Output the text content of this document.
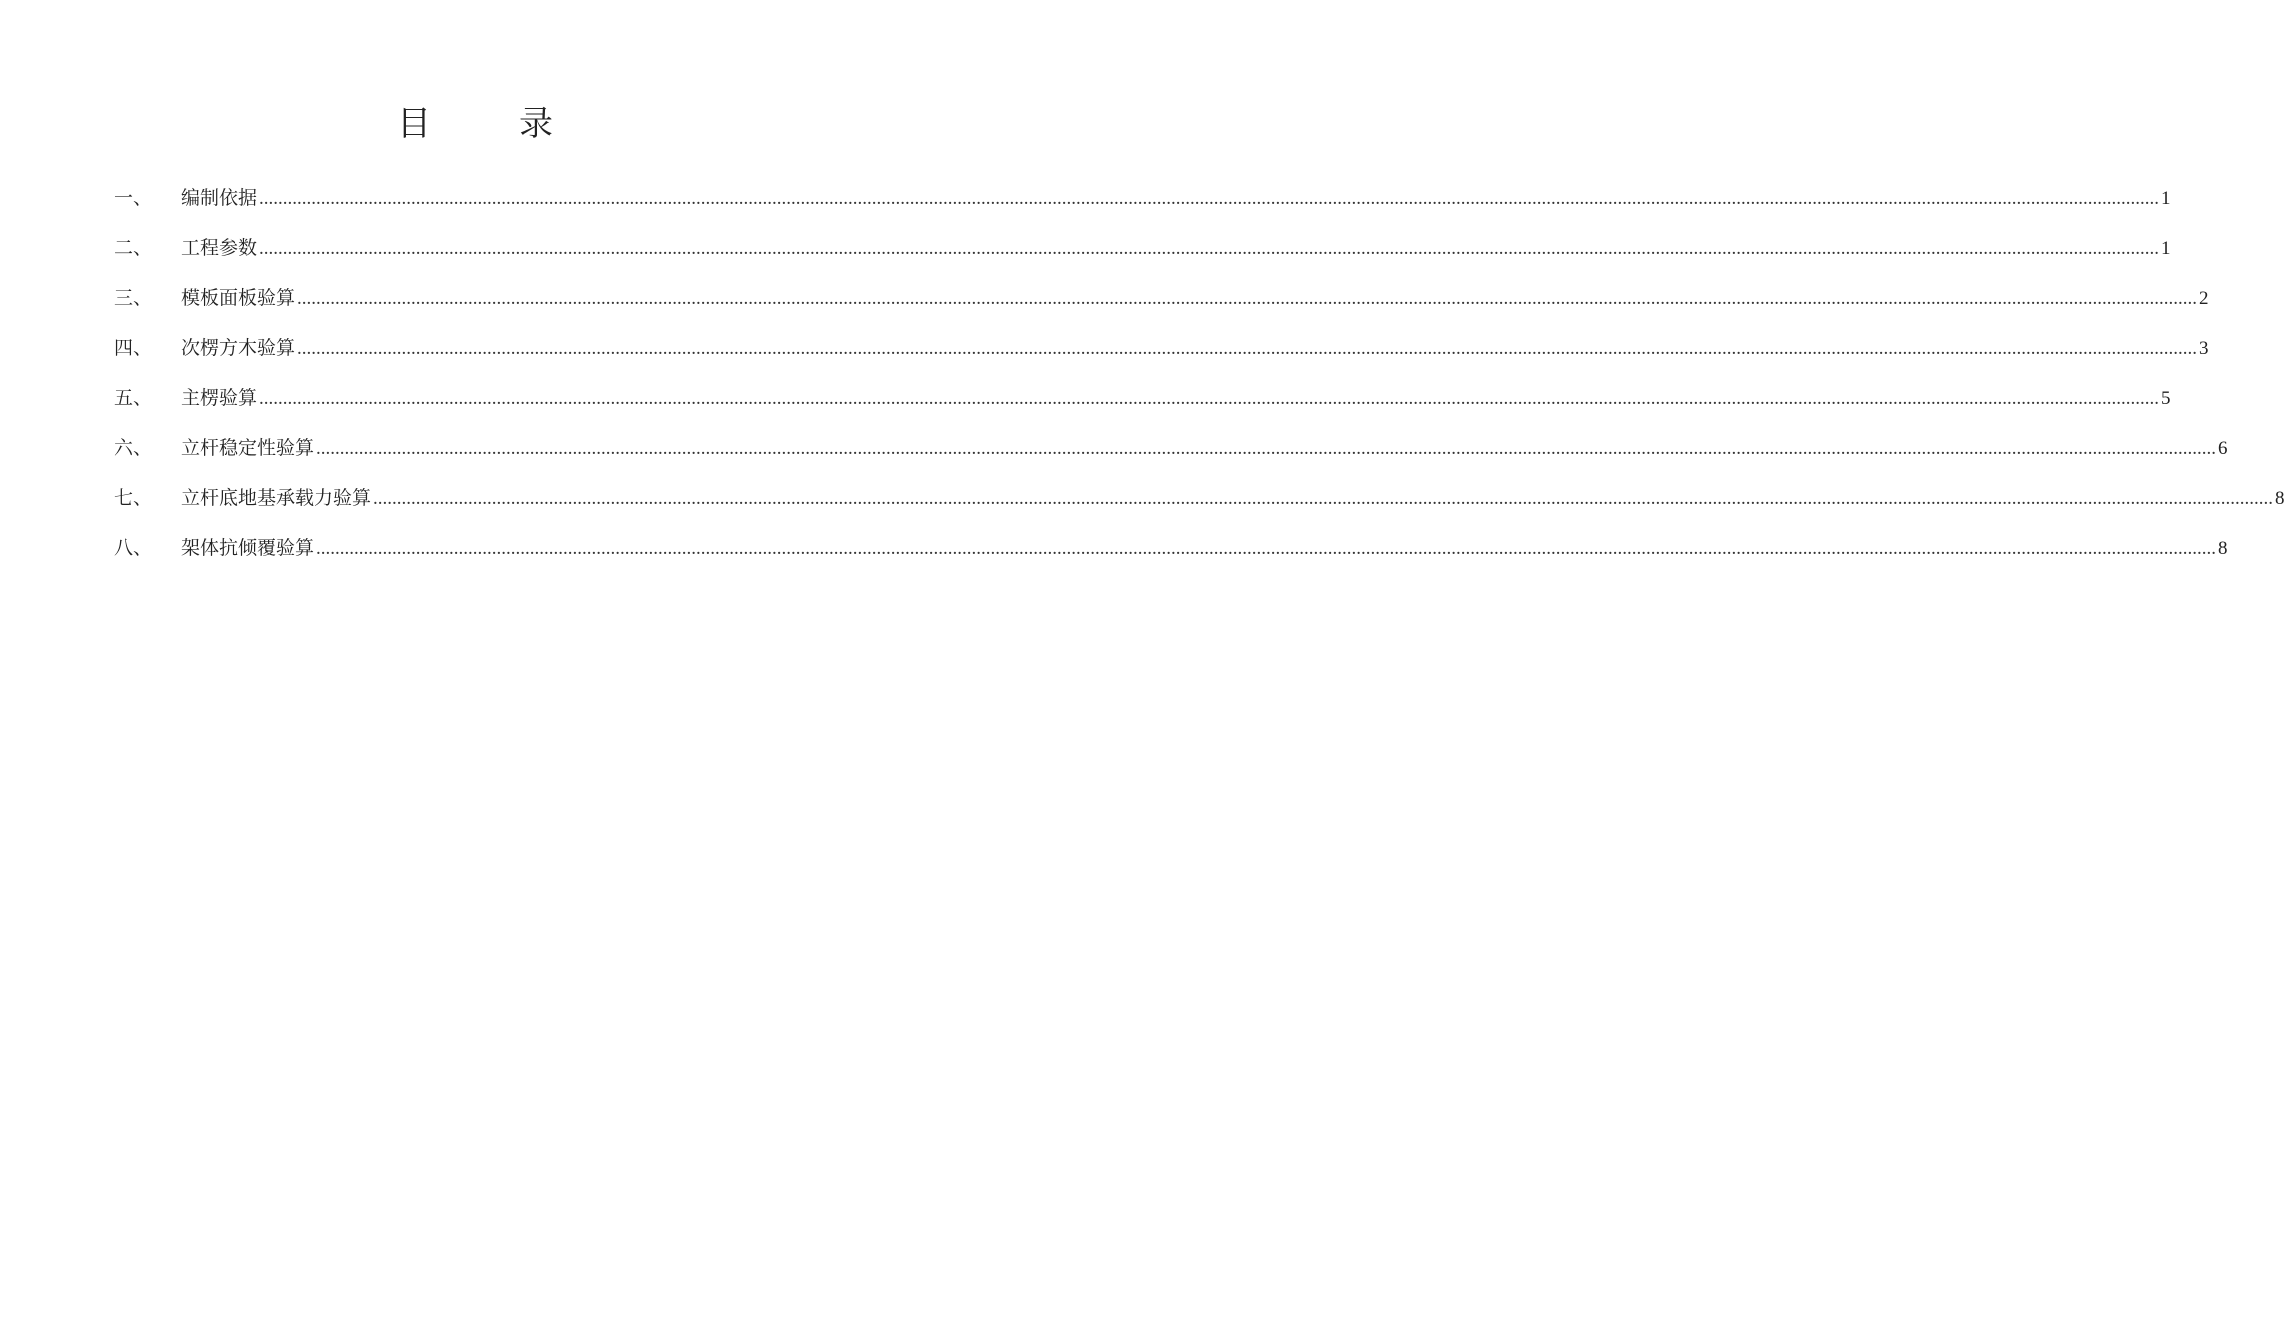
目	录
一、	编制依据 ................................................................................................................................................................................................................................................................................................................................................................................................................ 1
二、	工程参数 ................................................................................................................................................................................................................................................................................................................................................................................................................ 1
三、	模板面板验算 ................................................................................................................................................................................................................................................................................................................................................................................................................ 2
四、	次楞方木验算 ................................................................................................................................................................................................................................................................................................................................................................................................................ 3
五、	主楞验算 ................................................................................................................................................................................................................................................................................................................................................................................................................ 5
六、	立杆稳定性验算 ................................................................................................................................................................................................................................................................................................................................................................................................................ 6
七、	立杆底地基承载力验算 ................................................................................................................................................................................................................................................................................................................................................................................................................ 8
八、	架体抗倾覆验算 ................................................................................................................................................................................................................................................................................................................................................................................................................ 8
